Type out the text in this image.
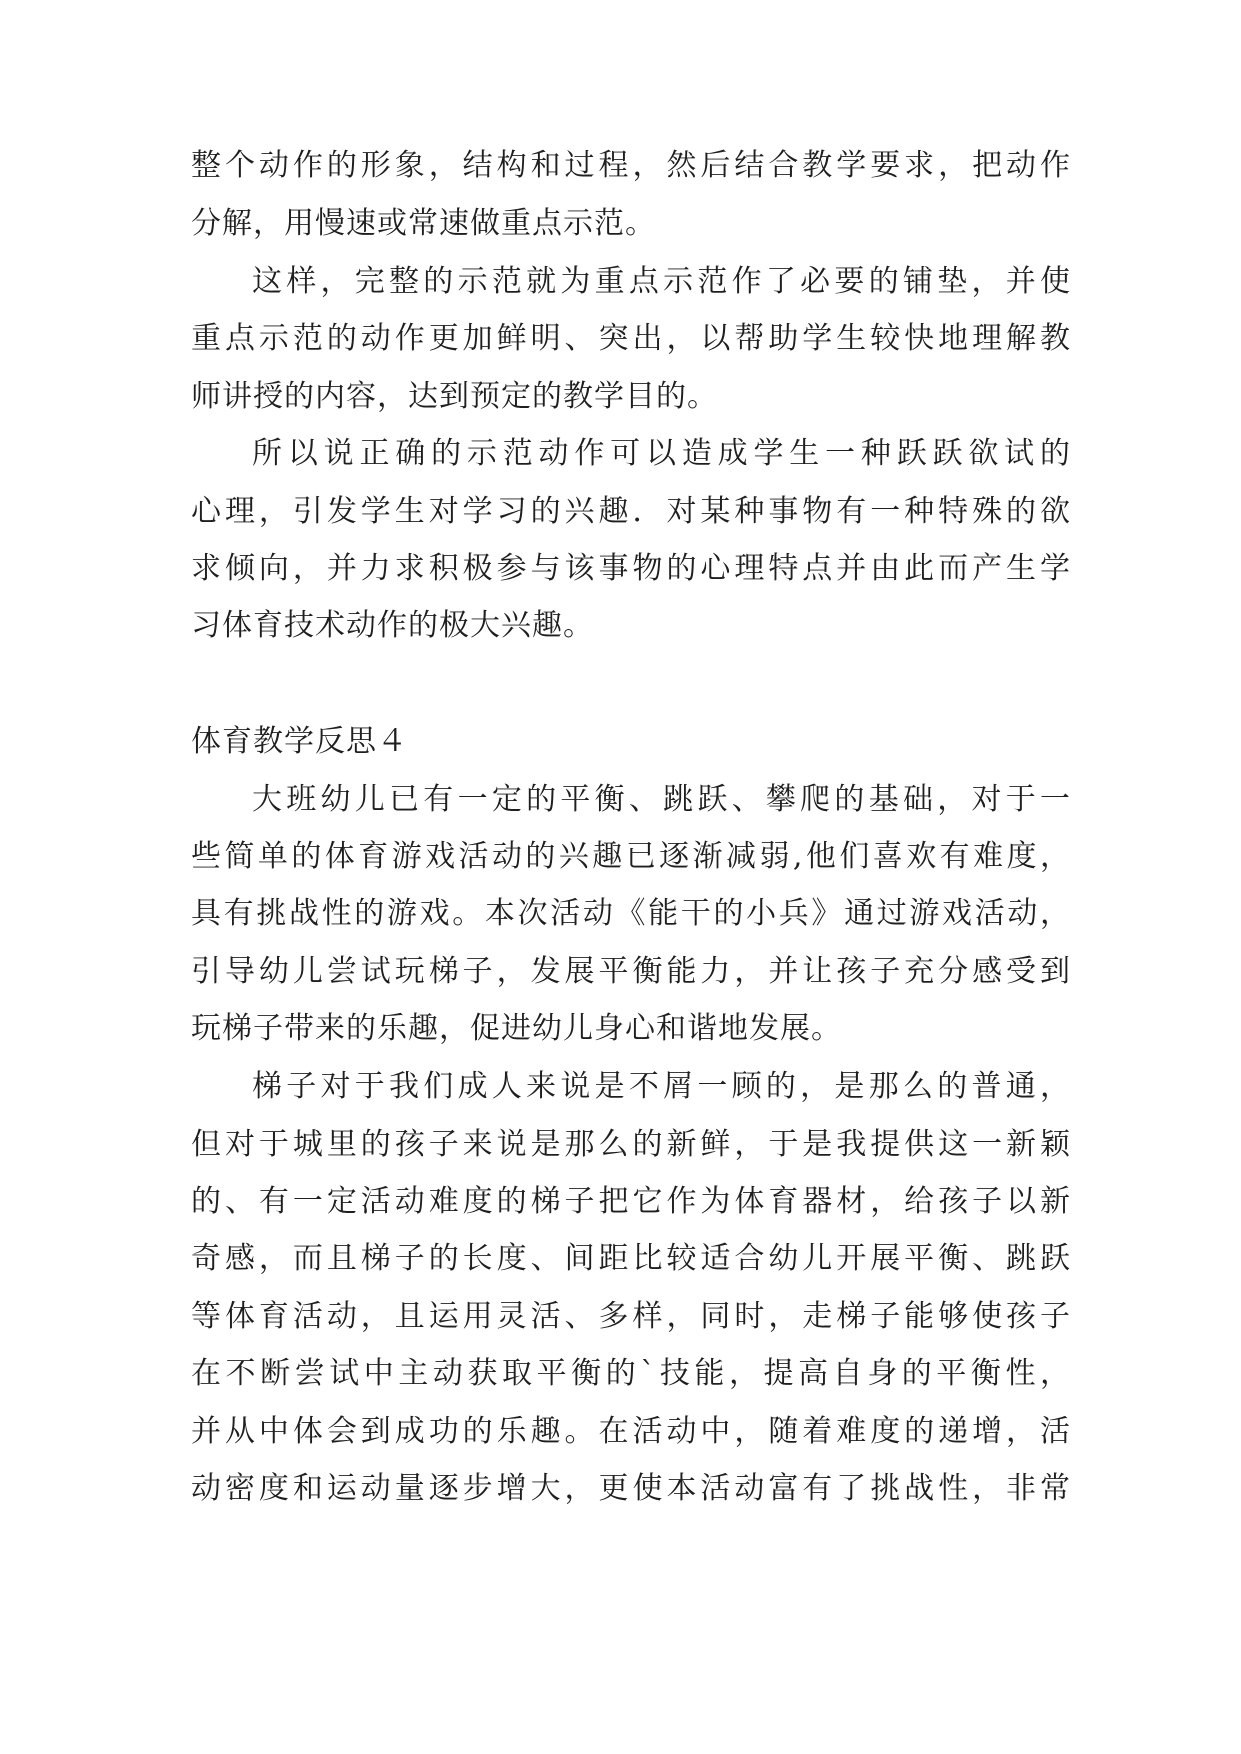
整个动作的形象，结构和过程，然后结合教学要求，把动作

分解，用慢速或常速做重点示范。

这样，完整的示范就为重点示范作了必要的铺垫，并使

重点示范的动作更加鲜明、突出，以帮助学生较快地理解教

师讲授的内容，达到预定的教学目的。

所以说正确的示范动作可以造成学生一种跃跃欲试的

心理，引发学生对学习的兴趣．对某种事物有一种特殊的欲

求倾向，并力求积极参与该事物的心理特点并由此而产生学

习体育技术动作的极大兴趣。

体育教学反思４

大班幼儿已有一定的平衡、跳跃、攀爬的基础，对于一

些简单的体育游戏活动的兴趣已逐渐减弱,他们喜欢有难度，

具有挑战性的游戏。本次活动《能干的小兵》通过游戏活动，

引导幼儿尝试玩梯子，发展平衡能力，并让孩子充分感受到

玩梯子带来的乐趣，促进幼儿身心和谐地发展。

梯子对于我们成人来说是不屑一顾的，是那么的普通，

但对于城里的孩子来说是那么的新鲜，于是我提供这一新颖

的、有一定活动难度的梯子把它作为体育器材，给孩子以新

奇感，而且梯子的长度、间距比较适合幼儿开展平衡、跳跃

等体育活动，且运用灵活、多样，同时，走梯子能够使孩子

在不断尝试中主动获取平衡的`技能，提高自身的平衡性，

并从中体会到成功的乐趣。在活动中，随着难度的递增，活

动密度和运动量逐步增大，更使本活动富有了挑战性，非常
